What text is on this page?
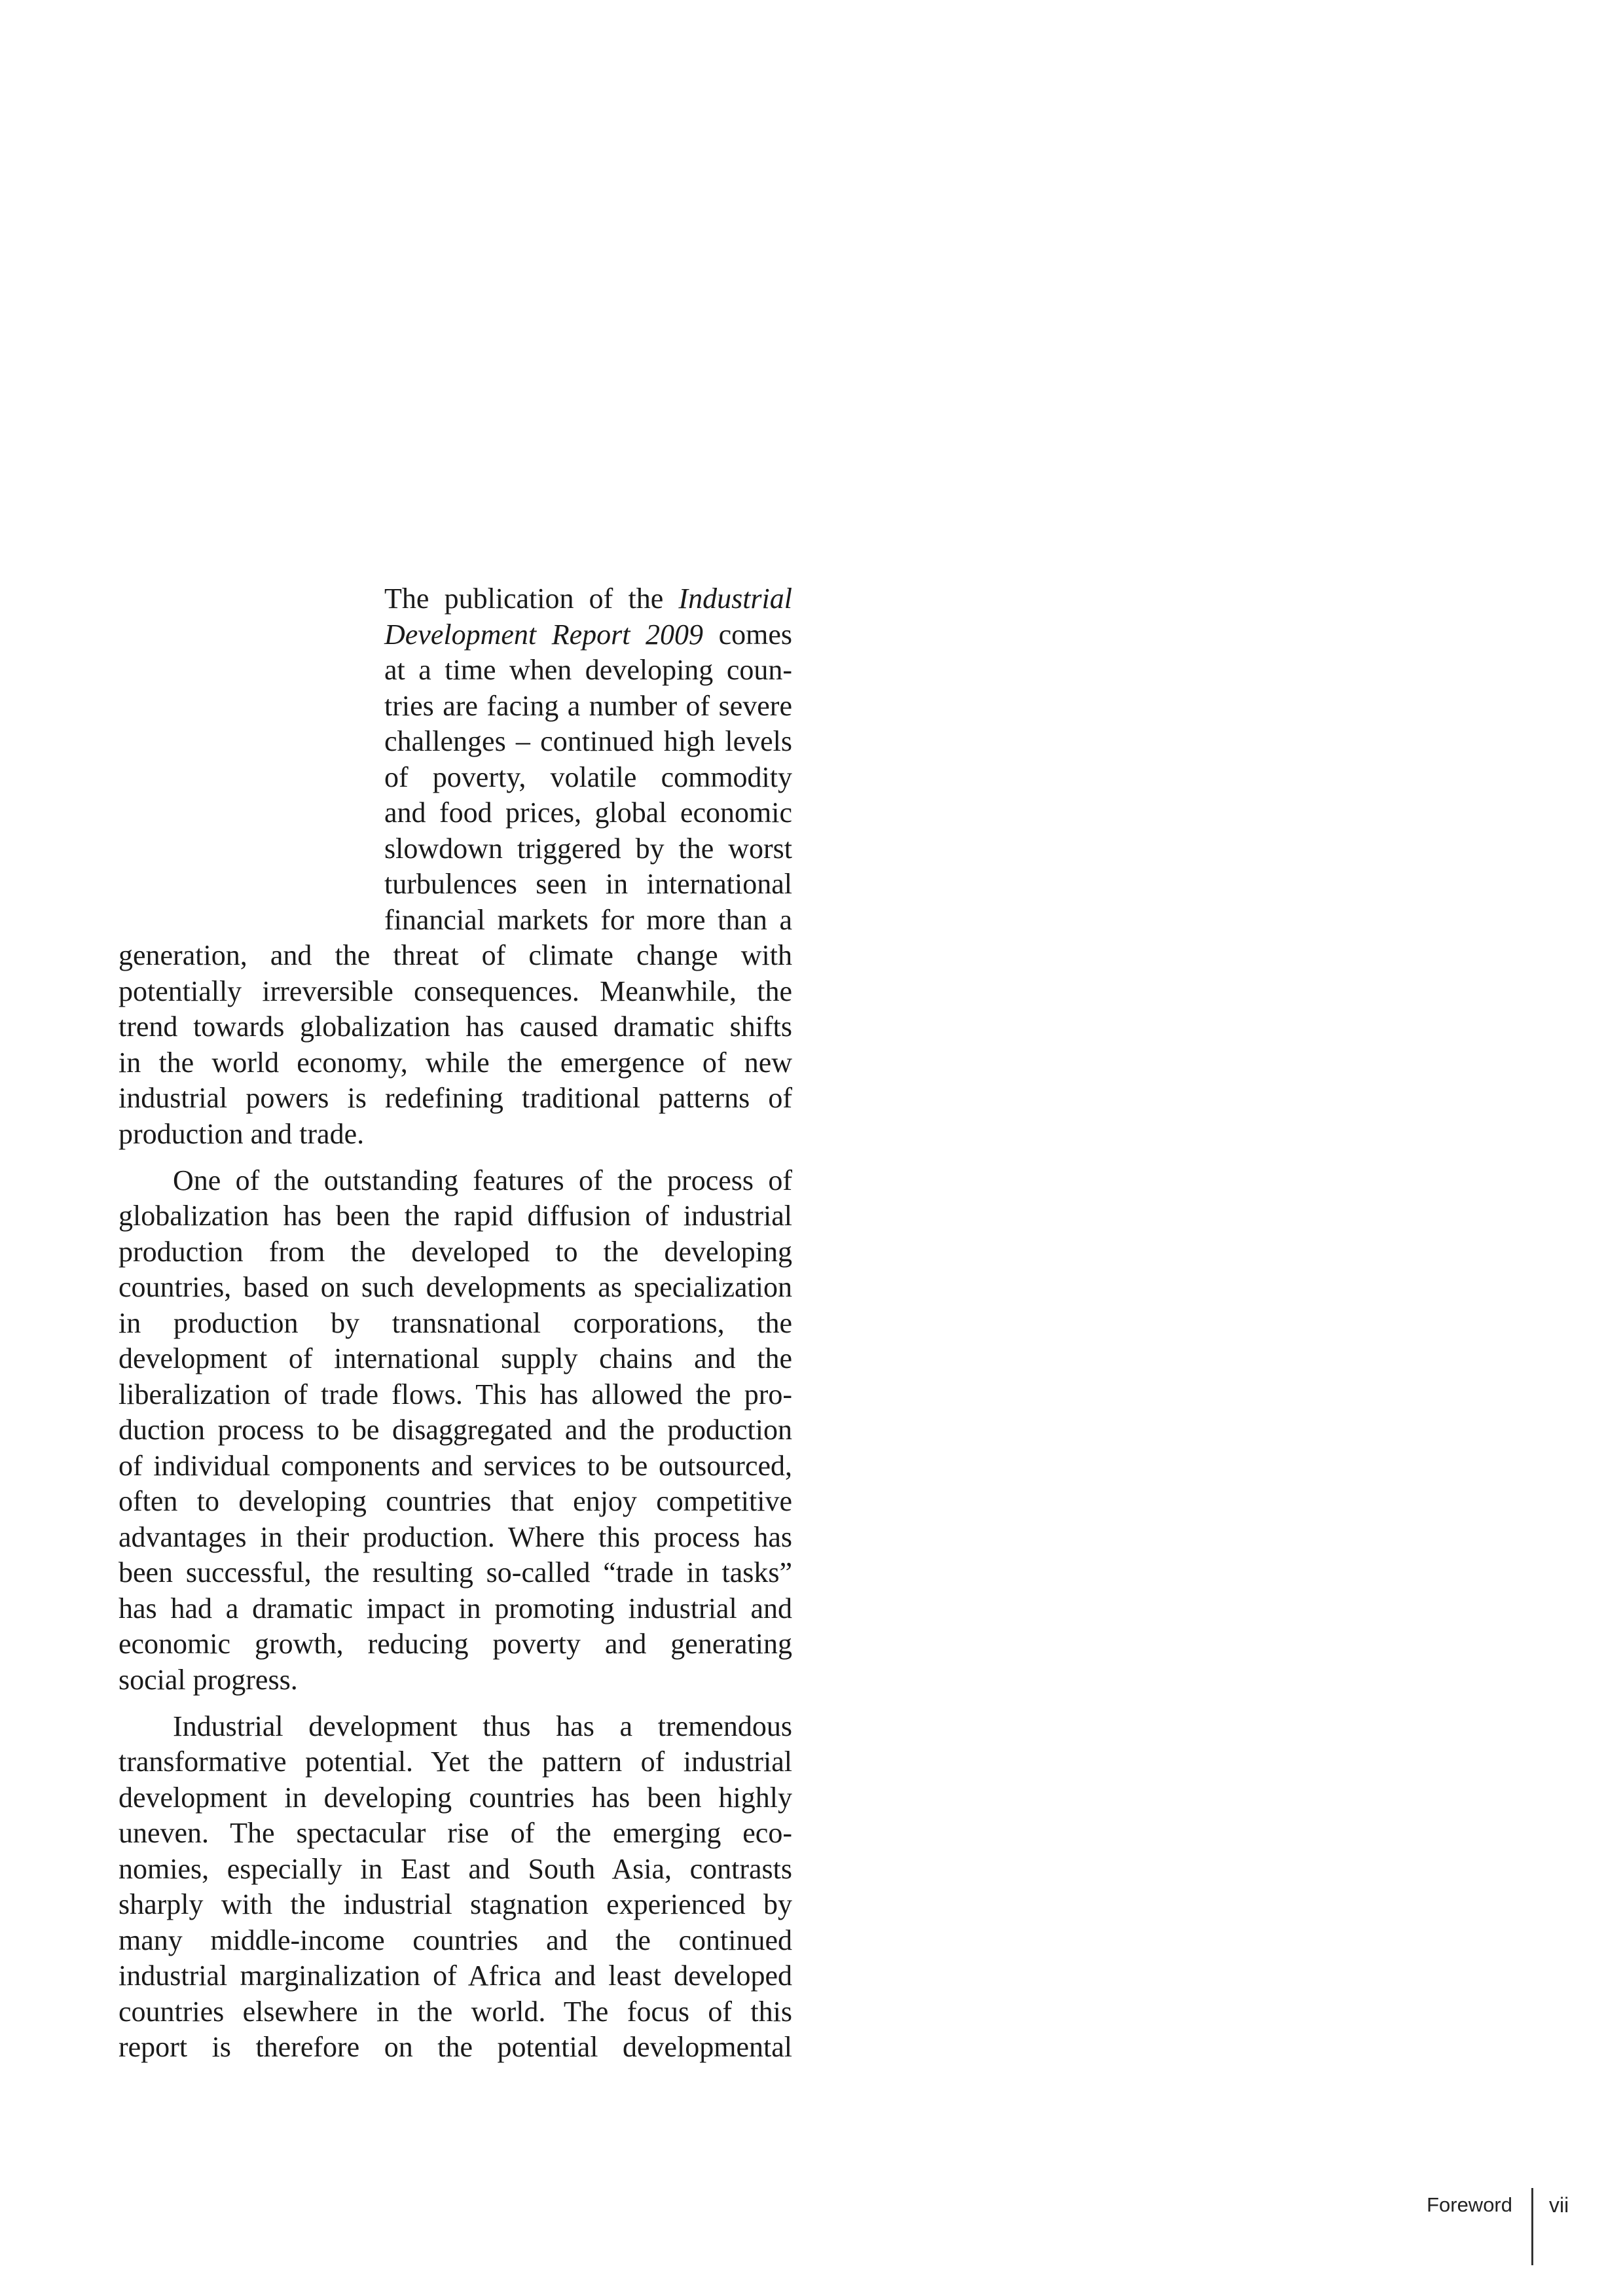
The publication of the Industrial
Development Report 2009 comes
at a time when developing coun-
tries are facing a number of severe
challenges – continued high levels
of poverty, volatile commodity
and food prices, global economic
slowdown triggered by the worst
turbulences seen in international
financial markets for more than a
generation, and the threat of climate change with
potentially irreversible consequences. Meanwhile, the
trend towards globalization has caused dramatic shifts
in the world economy, while the emergence of new
industrial powers is redefining traditional patterns of
production and trade.
One of the outstanding features of the process of
globalization has been the rapid diffusion of industrial
production from the developed to the developing
countries, based on such developments as specialization
in production by transnational corporations, the
development of international supply chains and the
liberalization of trade flows. This has allowed the pro-
duction process to be disaggregated and the production
of individual components and services to be outsourced,
often to developing countries that enjoy competitive
advantages in their production. Where this process has
been successful, the resulting so-called “trade in tasks”
has had a dramatic impact in promoting industrial and
economic growth, reducing poverty and generating
social progress.
Industrial development thus has a tremendous
transformative potential. Yet the pattern of industrial
development in developing countries has been highly
uneven. The spectacular rise of the emerging eco-
nomies, especially in East and South Asia, contrasts
sharply with the industrial stagnation experienced by
many middle-income countries and the continued
industrial marginalization of Africa and least developed
countries elsewhere in the world. The focus of this
report is therefore on the potential developmental
Foreword vii
